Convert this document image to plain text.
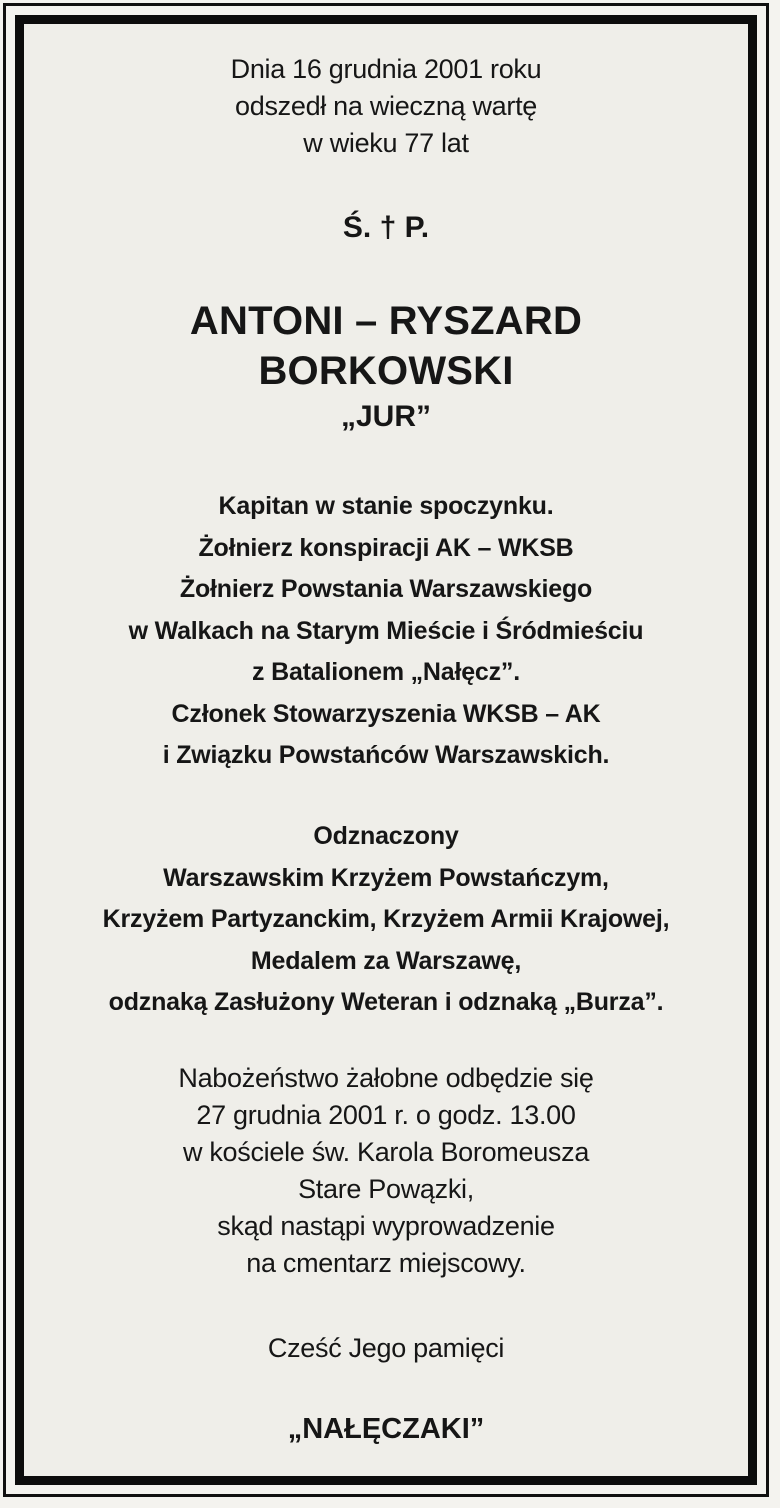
Dnia 16 grudnia 2001 roku
odszedł na wieczną wartę
w wieku 77 lat
Ś. † P.
ANTONI – RYSZARD
BORKOWSKI
„JUR”
Kapitan w stanie spoczynku.
Żołnierz konspiracji AK – WKSB
Żołnierz Powstania Warszawskiego
w Walkach na Starym Mieście i Śródmieściu
z Batalionem „Nałęcz”.
Członek Stowarzyszenia WKSB – AK
i Związku Powstańców Warszawskich.
Odznaczony
Warszawskim Krzyżem Powstańczym,
Krzyżem Partyzanckim, Krzyżem Armii Krajowej,
Medalem za Warszawę,
odznaką Zasłużony Weteran i odznaką „Burza”.
Nabożeństwo żałobne odbędzie się
27 grudnia 2001 r. o godz. 13.00
w kościele św. Karola Boromeusza
Stare Powązki,
skąd nastąpi wyprowadzenie
na cmentarz miejscowy.
Cześć Jego pamięci
„NAŁĘCZAKI”
